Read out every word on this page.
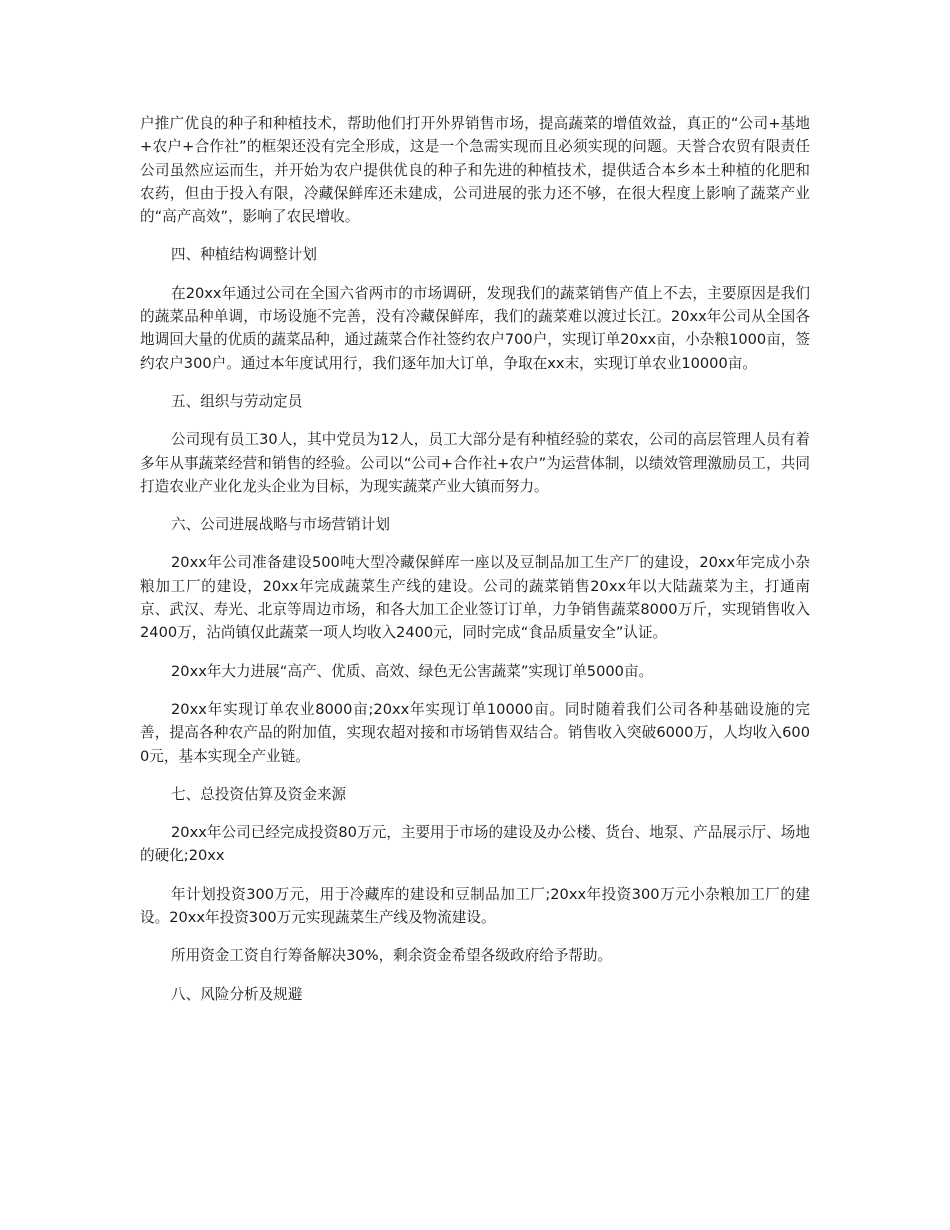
户推广优良的种子和种植技术，帮助他们打开外界销售市场，提高蔬菜的增值效益，真正的“公司+基地+农户+合作社”的框架还没有完全形成，这是一个急需实现而且必须实现的问题。天誉合农贸有限责任公司虽然应运而生，并开始为农户提供优良的种子和先进的种植技术，提供适合本乡本土种植的化肥和农药，但由于投入有限，冷藏保鲜库还未建成，公司进展的张力还不够，在很大程度上影响了蔬菜产业的“高产高效”，影响了农民增收。

四、种植结构调整计划

在20xx年通过公司在全国六省两市的市场调研，发现我们的蔬菜销售产值上不去，主要原因是我们的蔬菜品种单调，市场设施不完善，没有冷藏保鲜库，我们的蔬菜难以渡过长江。20xx年公司从全国各地调回大量的优质的蔬菜品种，通过蔬菜合作社签约农户700户，实现订单20xx亩，小杂粮1000亩，签约农户300户。通过本年度试用行，我们逐年加大订单，争取在xx末，实现订单农业10000亩。

五、组织与劳动定员

公司现有员工30人，其中党员为12人，员工大部分是有种植经验的菜农，公司的高层管理人员有着多年从事蔬菜经营和销售的经验。公司以“公司+合作社+农户”为运营体制，以绩效管理激励员工，共同打造农业产业化龙头企业为目标，为现实蔬菜产业大镇而努力。

六、公司进展战略与市场营销计划

20xx年公司准备建设500吨大型冷藏保鲜库一座以及豆制品加工生产厂的建设，20xx年完成小杂粮加工厂的建设，20xx年完成蔬菜生产线的建设。公司的蔬菜销售20xx年以大陆蔬菜为主，打通南京、武汉、寿光、北京等周边市场，和各大加工企业签订订单，力争销售蔬菜8000万斤，实现销售收入2400万，沾尚镇仅此蔬菜一项人均收入2400元，同时完成“食品质量安全”认证。

20xx年大力进展“高产、优质、高效、绿色无公害蔬菜”实现订单5000亩。

20xx年实现订单农业8000亩;20xx年实现订单10000亩。同时随着我们公司各种基础设施的完善，提高各种农产品的附加值，实现农超对接和市场销售双结合。销售收入突破6000万，人均收入6000元，基本实现全产业链。

七、总投资估算及资金来源

20xx年公司已经完成投资80万元，主要用于市场的建设及办公楼、货台、地泵、产品展示厅、场地的硬化;20xx

年计划投资300万元，用于冷藏库的建设和豆制品加工厂;20xx年投资300万元小杂粮加工厂的建设。20xx年投资300万元实现蔬菜生产线及物流建设。

所用资金工资自行筹备解决30%，剩余资金希望各级政府给予帮助。

八、风险分析及规避
